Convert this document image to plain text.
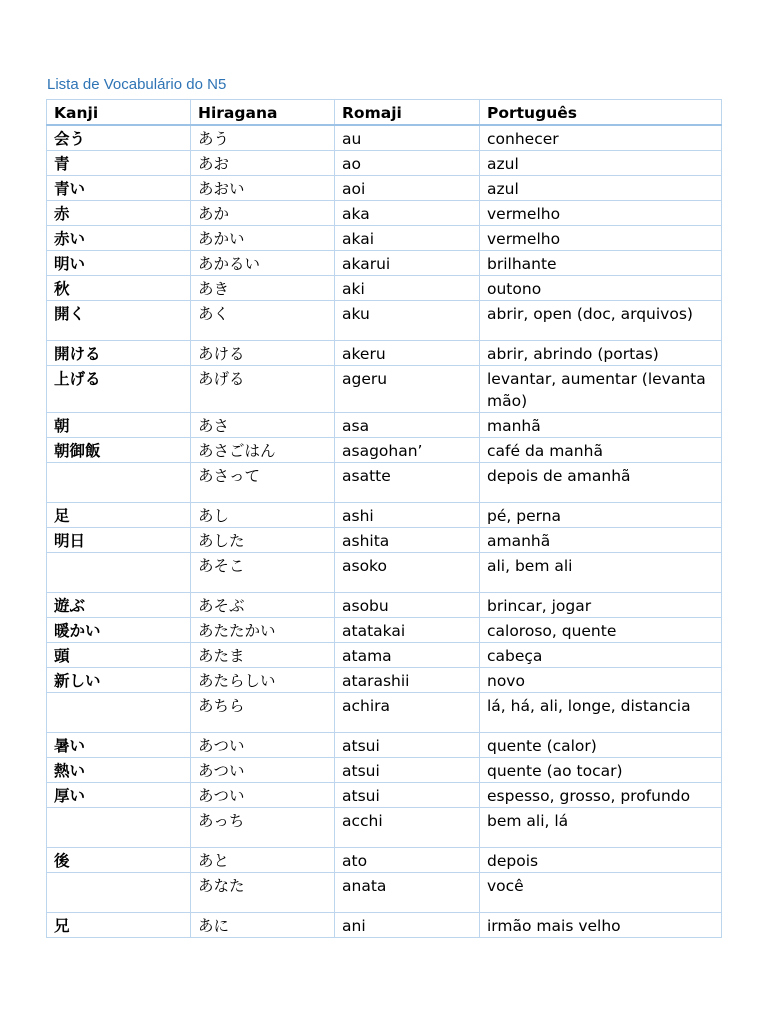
Lista de Vocabulário do N5
Kanji	Hiragana	Romaji	Português
会う	あう	au	conhecer
青	あお	ao	azul
青い	あおい	aoi	azul
赤	あか	aka	vermelho
赤い	あかい	akai	vermelho
明い	あかるい	akarui	brilhante
秋	あき	aki	outono
開く	あく	aku	abrir, open (doc, arquivos)
開ける	あける	akeru	abrir, abrindo (portas)
上げる	あげる	ageru	levantar, aumentar (levanta mão)
朝	あさ	asa	manhã
朝御飯	あさごはん	asagohan’	café da manhã
	あさって	asatte	depois de amanhã
足	あし	ashi	pé, perna
明日	あした	ashita	amanhã
	あそこ	asoko	ali, bem ali
遊ぶ	あそぶ	asobu	brincar, jogar
暖かい	あたたかい	atatakai	caloroso, quente
頭	あたま	atama	cabeça
新しい	あたらしい	atarashii	novo
	あちら	achira	lá, há, ali, longe, distancia
暑い	あつい	atsui	quente (calor)
熱い	あつい	atsui	quente (ao tocar)
厚い	あつい	atsui	espesso, grosso, profundo
	あっち	acchi	bem ali, lá
後	あと	ato	depois
	あなた	anata	você
兄	あに	ani	irmão mais velho
